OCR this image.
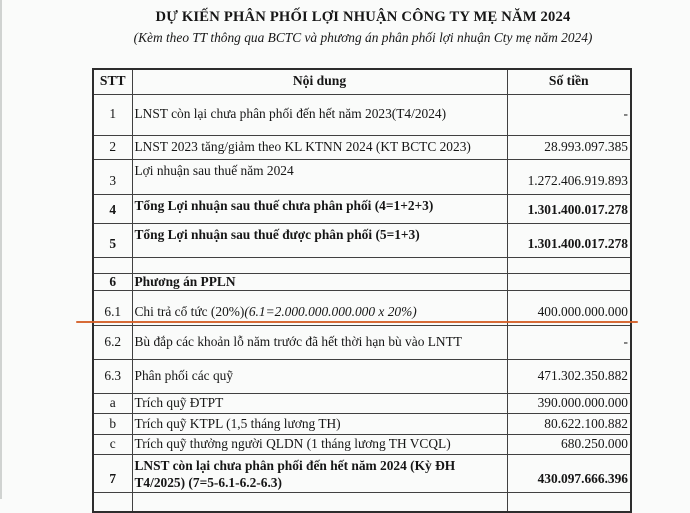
DỰ KIẾN PHÂN PHỐI LỢI NHUẬN CÔNG TY MẸ NĂM 2024
(Kèm theo TT thông qua BCTC và phương án phân phối lợi nhuận Cty mẹ năm 2024)
STT	Nội dung	Số tiền
1	LNST còn lại chưa phân phối đến hết năm 2023(T4/2024)	-
2	LNST 2023 tăng/giảm theo KL KTNN 2024 (KT BCTC 2023)	28.993.097.385
3	Lợi nhuận sau thuế năm 2024	1.272.406.919.893
4	Tổng Lợi nhuận sau thuế chưa phân phối (4=1+2+3)	1.301.400.017.278
5	Tổng Lợi nhuận sau thuế được phân phối (5=1+3)	1.301.400.017.278

6	Phương án PPLN	
6.1	Chi trả cổ tức (20%)(6.1=2.000.000.000.000 x 20%)	400.000.000.000
6.2	Bù đắp các khoản lỗ năm trước đã hết thời hạn bù vào LNTT	-
6.3	Phân phối các quỹ	471.302.350.882
a	Trích quỹ ĐTPT	390.000.000.000
b	Trích quỹ KTPL (1,5 tháng lương TH)	80.622.100.882
c	Trích quỹ thưởng người QLDN (1 tháng lương TH VCQL)	680.250.000
7	LNST còn lại chưa phân phối đến hết năm 2024 (Kỳ ĐH T4/2025) (7=5-6.1-6.2-6.3)	430.097.666.396
